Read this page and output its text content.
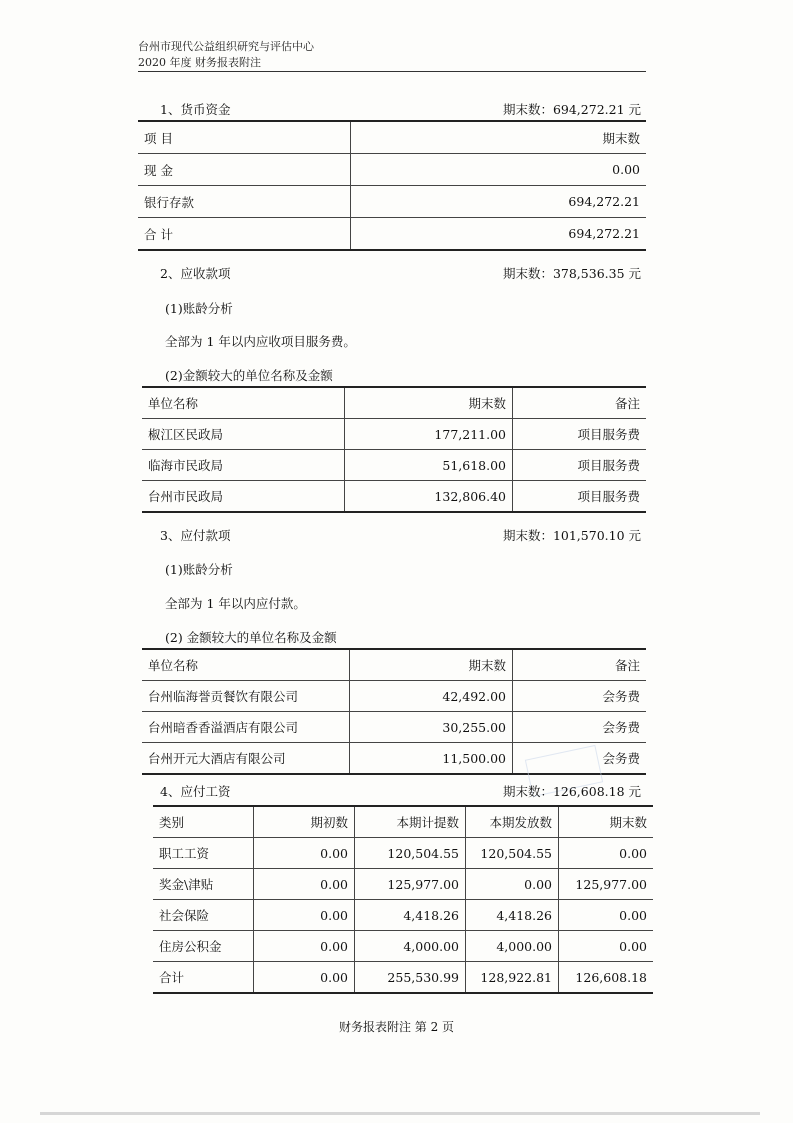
台州市现代公益组织研究与评估中心
2020 年度 财务报表附注
1、货币资金	期末数：694,272.21 元
项 目	期末数
现 金	0.00
银行存款	694,272.21
合 计	694,272.21
2、应收款项	期末数：378,536.35 元
(1)账龄分析
全部为 1 年以内应收项目服务费。
(2)金额较大的单位名称及金额
单位名称	期末数	备注
椒江区民政局	177,211.00	项目服务费
临海市民政局	51,618.00	项目服务费
台州市民政局	132,806.40	项目服务费
3、应付款项	期末数：101,570.10 元
(1)账龄分析
全部为 1 年以内应付款。
(2) 金额较大的单位名称及金额
单位名称	期末数	备注
台州临海誉贡餐饮有限公司	42,492.00	会务费
台州暗香香溢酒店有限公司	30,255.00	会务费
台州开元大酒店有限公司	11,500.00	会务费
4、应付工资	期末数：126,608.18 元
类别	期初数	本期计提数	本期发放数	期末数
职工工资	0.00	120,504.55	120,504.55	0.00
奖金\津贴	0.00	125,977.00	0.00	125,977.00
社会保险	0.00	4,418.26	4,418.26	0.00
住房公积金	0.00	4,000.00	4,000.00	0.00
合计	0.00	255,530.99	128,922.81	126,608.18
财务报表附注 第 2 页
